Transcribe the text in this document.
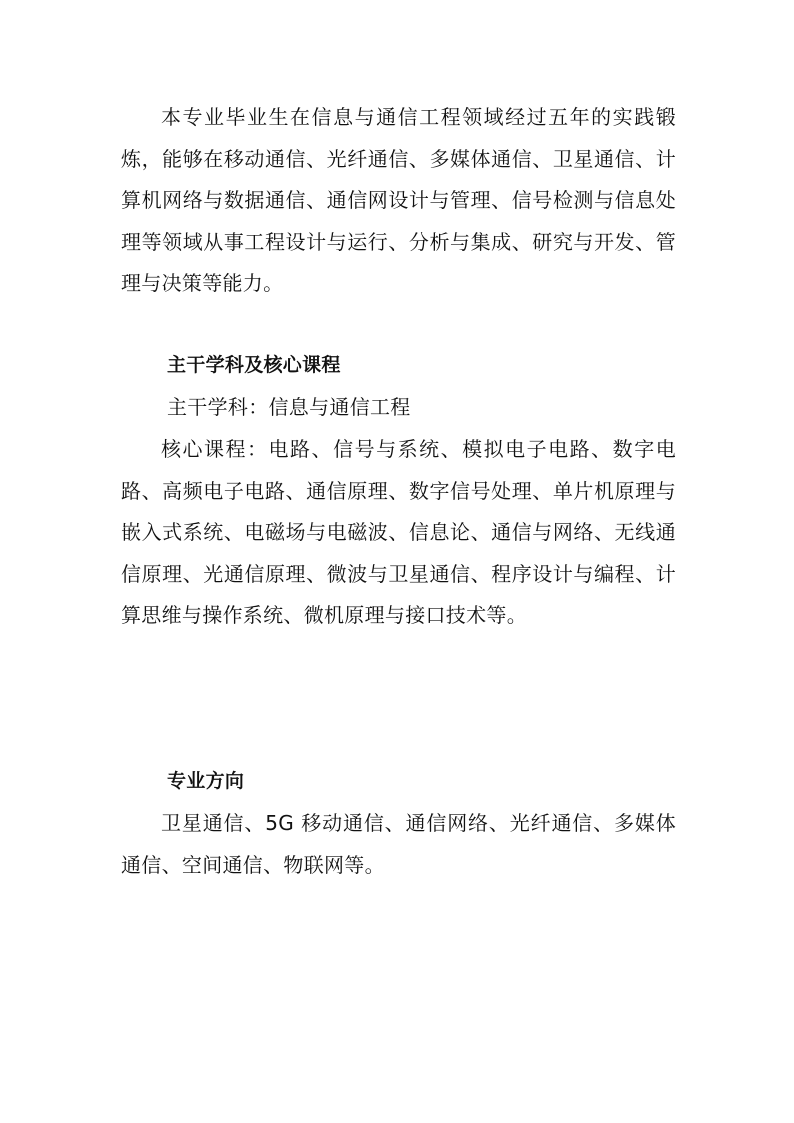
本专业毕业生在信息与通信工程领域经过五年的实践锻炼，能够在移动通信、光纤通信、多媒体通信、卫星通信、计算机网络与数据通信、通信网设计与管理、信号检测与信息处理等领域从事工程设计与运行、分析与集成、研究与开发、管理与决策等能力。

主干学科及核心课程

主干学科：信息与通信工程

核心课程：电路、信号与系统、模拟电子电路、数字电路、高频电子电路、通信原理、数字信号处理、单片机原理与嵌入式系统、电磁场与电磁波、信息论、通信与网络、无线通信原理、光通信原理、微波与卫星通信、程序设计与编程、计算思维与操作系统、微机原理与接口技术等。

专业方向

卫星通信、5G 移动通信、通信网络、光纤通信、多媒体通信、空间通信、物联网等。
